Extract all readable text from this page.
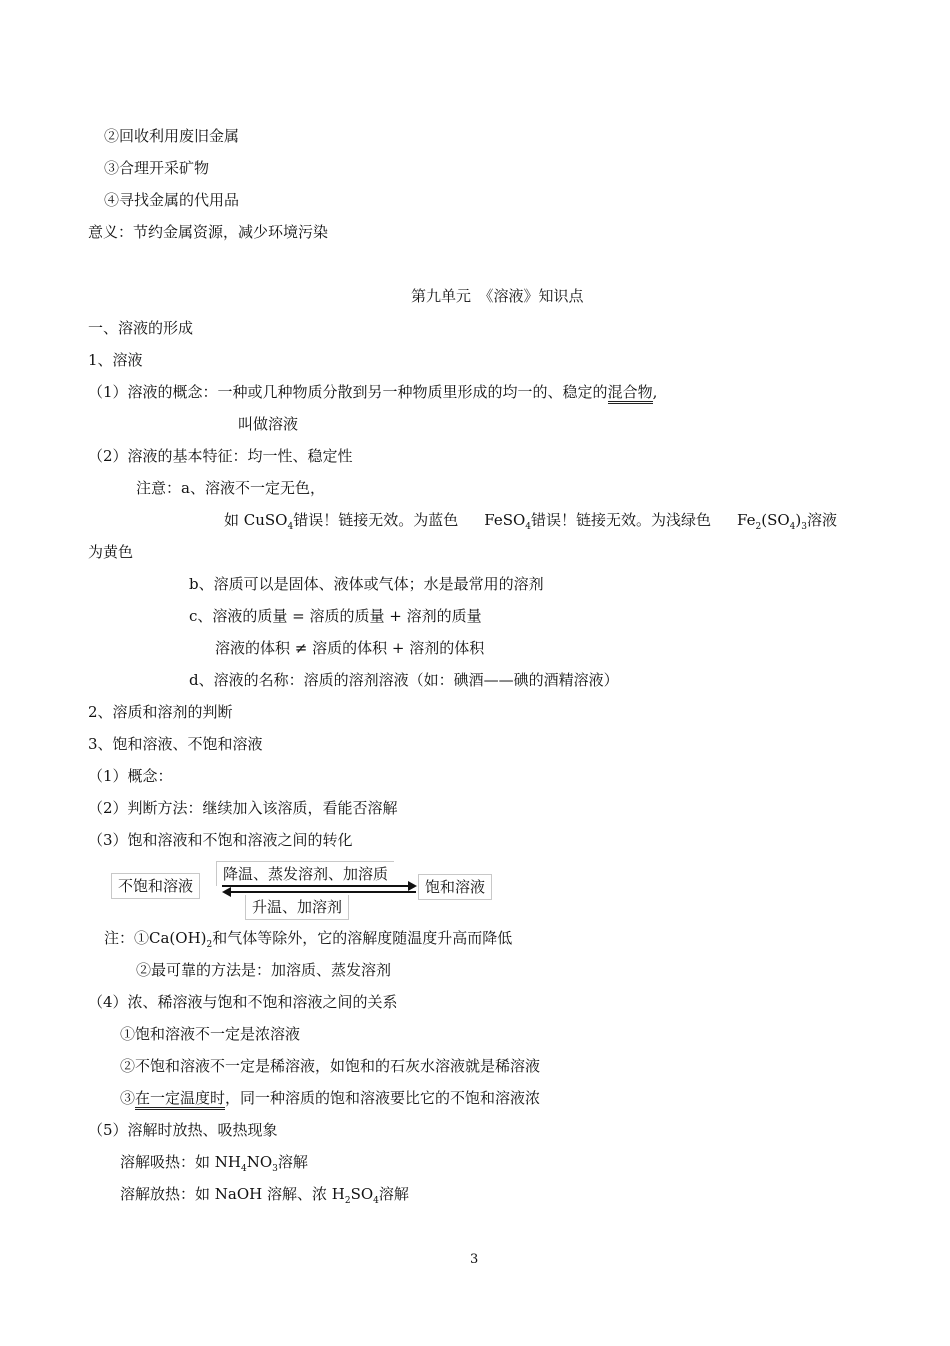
②回收利用废旧金属
③合理开采矿物
④寻找金属的代用品
意义：节约金属资源，减少环境污染
第九单元　《溶液》知识点
一、溶液的形成
1、溶液
（1）溶液的概念：一种或几种物质分散到另一种物质里形成的均一的、稳定的混合物,
叫做溶液
（2）溶液的基本特征：均一性、稳定性
注意：a、溶液不一定无色，
如 CuSO$_4$错误！链接无效。为蓝色 FeSO$_4$错误！链接无效。为浅绿色 $Fe_2(SO_4)_3$溶液
为黄色
b、溶质可以是固体、液体或气体；水是最常用的溶剂
c、溶液的质量 = 溶质的质量 + 溶剂的质量
溶液的体积 ≠ 溶质的体积 + 溶剂的体积
d、溶液的名称：溶质的溶剂溶液（如：碘酒——碘的酒精溶液）
2、溶质和溶剂的判断
3、饱和溶液、不饱和溶液
（1）概念：
（2）判断方法：继续加入该溶质，看能否溶解
（3）饱和溶液和不饱和溶液之间的转化
不饱和溶液
降温、蒸发溶剂、加溶质
升温、加溶剂
饱和溶液
注：$①Ca(OH)_2$和气体等除外，它的溶解度随温度升高而降低
②最可靠的方法是：加溶质、蒸发溶剂
（4）浓、稀溶液与饱和不饱和溶液之间的关系
①饱和溶液不一定是浓溶液
②不饱和溶液不一定是稀溶液，如饱和的石灰水溶液就是稀溶液
③在一定温度时，同一种溶质的饱和溶液要比它的不饱和溶液浓
（5）溶解时放热、吸热现象
溶解吸热：如 $NH_4NO_3$溶解
溶解放热：如 NaOH 溶解、浓 $H_2SO_4$溶解
3
